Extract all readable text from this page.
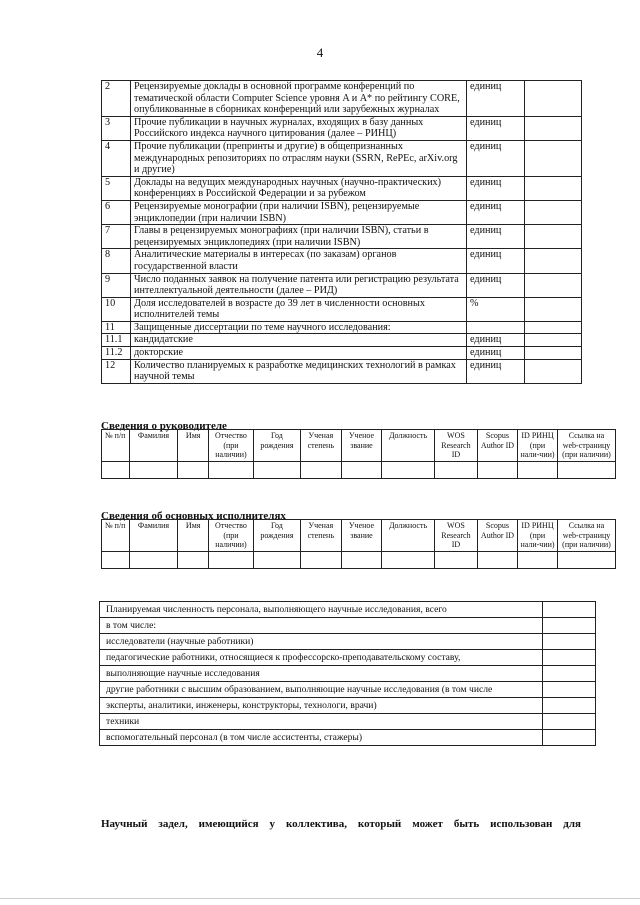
4
2	Рецензируемые доклады в основной программе конференций по тематической области Computer Science уровня A и A* по рейтингу CORE, опубликованные в сборниках конференций или зарубежных журналах	единиц	
3	Прочие публикации в научных журналах, входящих в базу данных Российского индекса научного цитирования (далее – РИНЦ)	единиц	
4	Прочие публикации (препринты и другие) в общепризнанных международных репозиториях по отраслям науки (SSRN, RePEc, arXiv.org и другие)	единиц	
5	Доклады на ведущих международных научных (научно-практических) конференциях в Российской Федерации и за рубежом	единиц	
6	Рецензируемые монографии (при наличии ISBN), рецензируемые энциклопедии (при наличии ISBN)	единиц	
7	Главы в рецензируемых монографиях (при наличии ISBN), статьи в рецензируемых энциклопедиях (при наличии ISBN)	единиц	
8	Аналитические материалы в интересах (по заказам) органов государственной власти	единиц	
9	Число поданных заявок на получение патента или регистрацию результата интеллектуальной деятельности (далее – РИД)	единиц	
10	Доля исследователей в возрасте до 39 лет в численности основных исполнителей темы	%	
11	Защищенные диссертации по теме научного исследования:		
11.1	кандидатские	единиц	
11.2	докторские	единиц	
12	Количество планируемых к разработке медицинских технологий в рамках научной темы	единиц	
Сведения о руководителе
№ п/п	Фамилия	Имя	Отчество (при наличии)	Год рождения	Ученая степень	Ученое звание	Должность	WOS Research ID	Scopus Author ID	ID РИНЦ (при нали-чии)	Ссылка на web-страницу (при наличии)

Сведения об основных исполнителях
№ п/п	Фамилия	Имя	Отчество (при наличии)	Год рождения	Ученая степень	Ученое звание	Должность	WOS Research ID	Scopus Author ID	ID РИНЦ (при нали-чии)	Ссылка на web-страницу (при наличии)

Планируемая численность персонала, выполняющего научные исследования, всего	
в том числе:	
исследователи (научные работники)	
педагогические работники, относящиеся к профессорско-преподавательскому составу,	
выполняющие научные исследования	
другие работники с высшим образованием, выполняющие научные исследования (в том числе	
эксперты, аналитики, инженеры, конструкторы, технологи, врачи)	
техники	
вспомогательный персонал (в том числе ассистенты, стажеры)	
Научный задел, имеющийся у коллектива, который может быть использован для
